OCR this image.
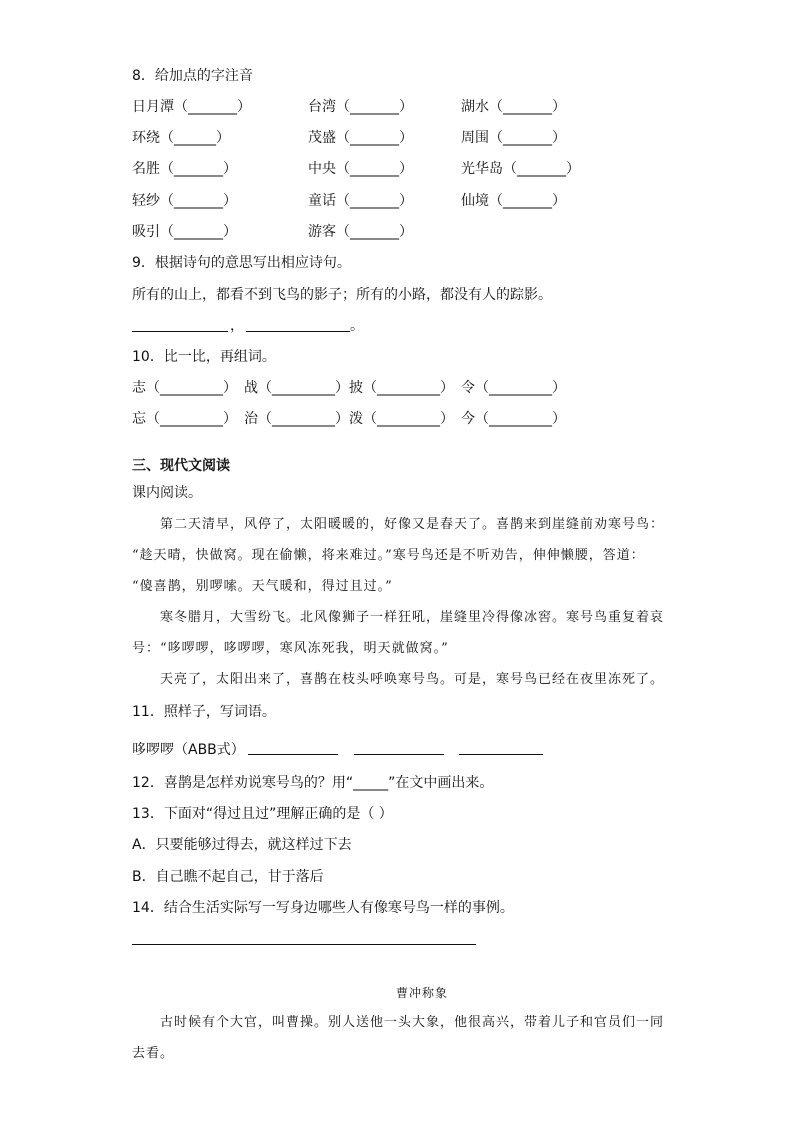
8．给加点的字注音
日月潭（_______）	台湾（_______）	湖水（_______）
环绕（______）	茂盛（_______）	周围（_______）
名胜（_______）	中央（_______）	光华岛（_______）
轻纱（_______）	童话（_______）	仙境（_______）
吸引（_______）	游客（_______）
9．根据诗句的意思写出相应诗句。
所有的山上，都看不到飞鸟的影子；所有的小路，都没有人的踪影。
，	。
10．比一比，再组词。
志（_________） 战（_________） 披（_________） 令（_________）
忘（_________） 治（_________） 泼（_________） 今（_________）
三、现代文阅读
课内阅读。
第二天清早，风停了，太阳暖暖的，好像又是春天了。喜鹊来到崖缝前劝寒号鸟：
“趁天晴，快做窝。现在偷懒，将来难过。”寒号鸟还是不听劝告，伸伸懒腰，答道：
“傻喜鹊，别啰嗦。天气暖和，得过且过。”
寒冬腊月，大雪纷飞。北风像狮子一样狂吼，崖缝里冷得像冰窖。寒号鸟重复着哀
号：“哆啰啰，哆啰啰，寒风冻死我，明天就做窝。”
天亮了，太阳出来了，喜鹊在枝头呼唤寒号鸟。可是，寒号鸟已经在夜里冻死了。
11．照样子，写词语。
哆啰啰（ABB式）
12．喜鹊是怎样劝说寒号鸟的？用“_____”在文中画出来。
13．下面对“得过且过”理解正确的是（ ）
A．只要能够过得去，就这样过下去
B．自己瞧不起自己，甘于落后
14．结合生活实际写一写身边哪些人有像寒号鸟一样的事例。
曹冲称象
古时候有个大官，叫曹操。别人送他一头大象，他很高兴，带着儿子和官员们一同
去看。
